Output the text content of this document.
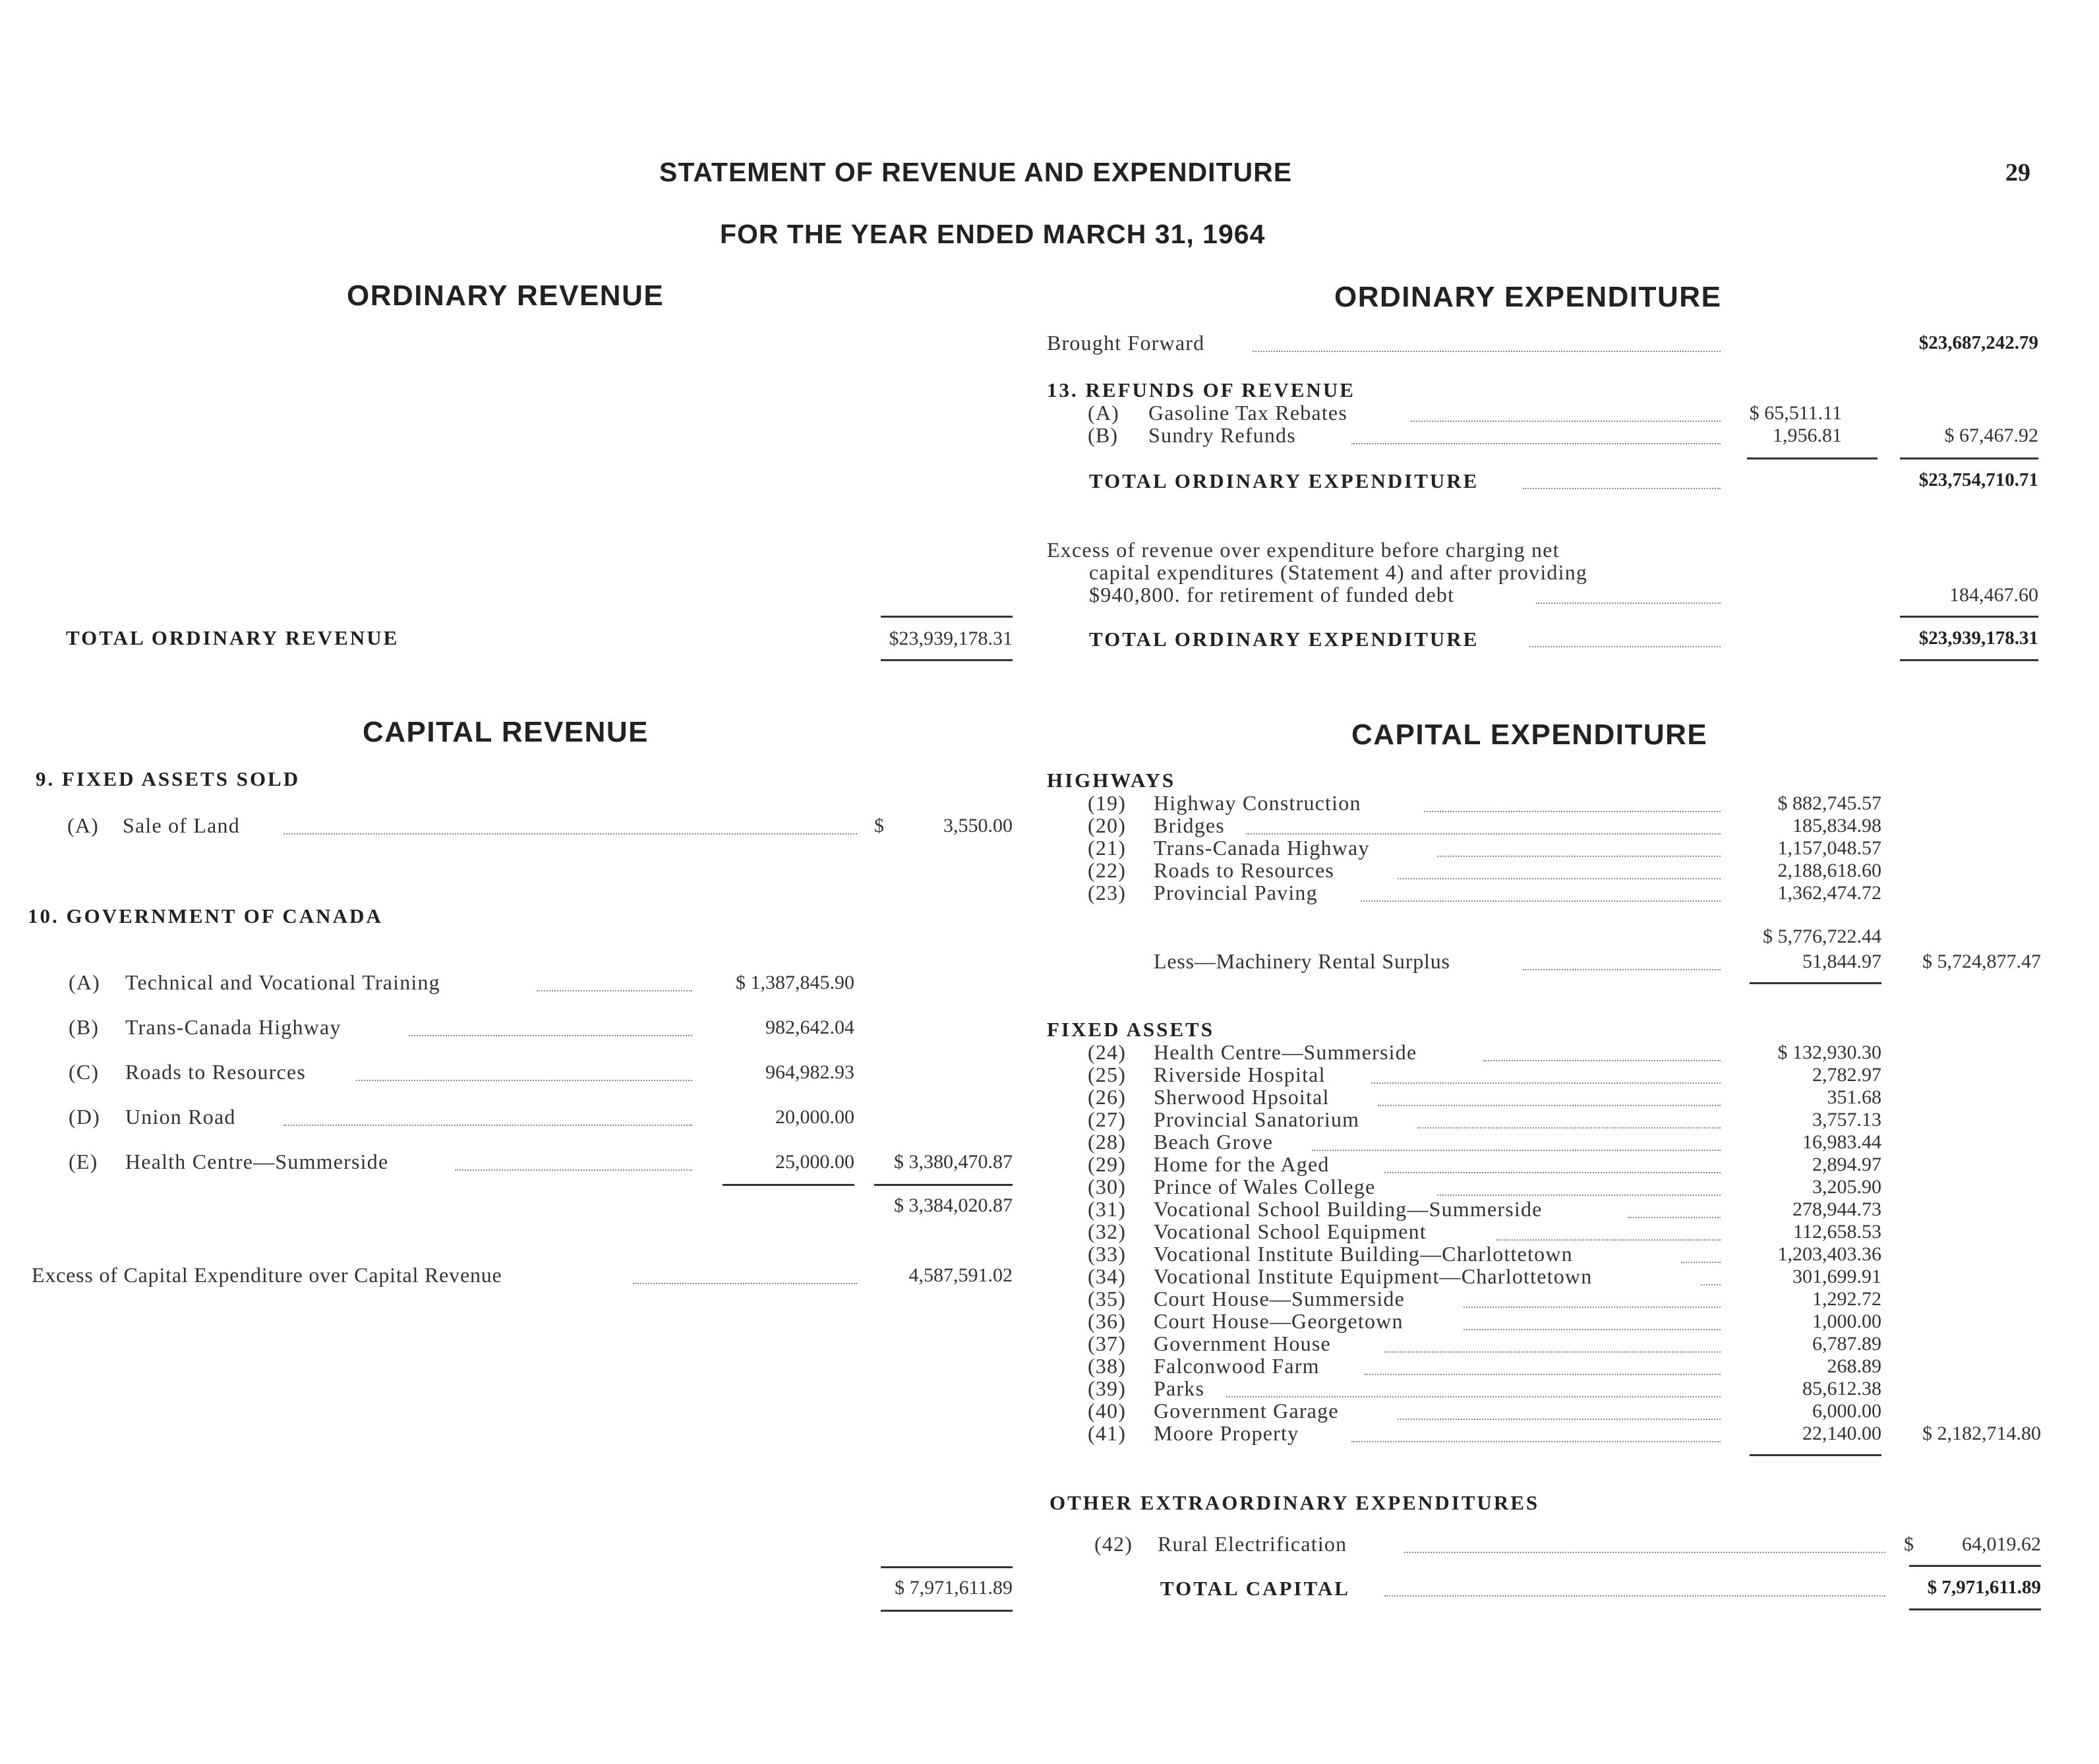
STATEMENT OF REVENUE AND EXPENDITURE
FOR THE YEAR ENDED MARCH 31, 1964
29
ORDINARY REVENUE	ORDINARY EXPENDITURE
Brought Forward	$23,687,242.79
13. REFUNDS OF REVENUE
(A) Gasoline Tax Rebates	$ 65,511.11
(B) Sundry Refunds	1,956.81	$ 67,467.92
TOTAL ORDINARY EXPENDITURE	$23,754,710.71
Excess of revenue over expenditure before charging net
capital expenditures (Statement 4) and after providing
$940,800. for retirement of funded debt	184,467.60
TOTAL ORDINARY EXPENDITURE	$23,939,178.31
TOTAL ORDINARY REVENUE	$23,939,178.31
CAPITAL REVENUE	CAPITAL EXPENDITURE
9. FIXED ASSETS SOLD
(A) Sale of Land	$	3,550.00
10. GOVERNMENT OF CANADA
(A) Technical and Vocational Training	$ 1,387,845.90
(B) Trans-Canada Highway	982,642.04
(C) Roads to Resources	964,982.93
(D) Union Road	20,000.00
(E) Health Centre—Summerside	25,000.00	$ 3,380,470.87
$ 3,384,020.87
Excess of Capital Expenditure over Capital Revenue	4,587,591.02
$ 7,971,611.89
HIGHWAYS
(19) Highway Construction	$ 882,745.57
(20) Bridges	185,834.98
(21) Trans-Canada Highway	1,157,048.57
(22) Roads to Resources	2,188,618.60
(23) Provincial Paving	1,362,474.72
$ 5,776,722.44
Less—Machinery Rental Surplus	51,844.97	$ 5,724,877.47
FIXED ASSETS
(24) Health Centre—Summerside	$ 132,930.30
(25) Riverside Hospital	2,782.97
(26) Sherwood Hpsoital	351.68
(27) Provincial Sanatorium	3,757.13
(28) Beach Grove	16,983.44
(29) Home for the Aged	2,894.97
(30) Prince of Wales College	3,205.90
(31) Vocational School Building—Summerside	278,944.73
(32) Vocational School Equipment	112,658.53
(33) Vocational Institute Building—Charlottetown	1,203,403.36
(34) Vocational Institute Equipment—Charlottetown	301,699.91
(35) Court House—Summerside	1,292.72
(36) Court House—Georgetown	1,000.00
(37) Government House	6,787.89
(38) Falconwood Farm	268.89
(39) Parks	85,612.38
(40) Government Garage	6,000.00
(41) Moore Property	22,140.00	$ 2,182,714.80
OTHER EXTRAORDINARY EXPENDITURES
(42) Rural Electrification	$	64,019.62
TOTAL CAPITAL	$ 7,971,611.89
